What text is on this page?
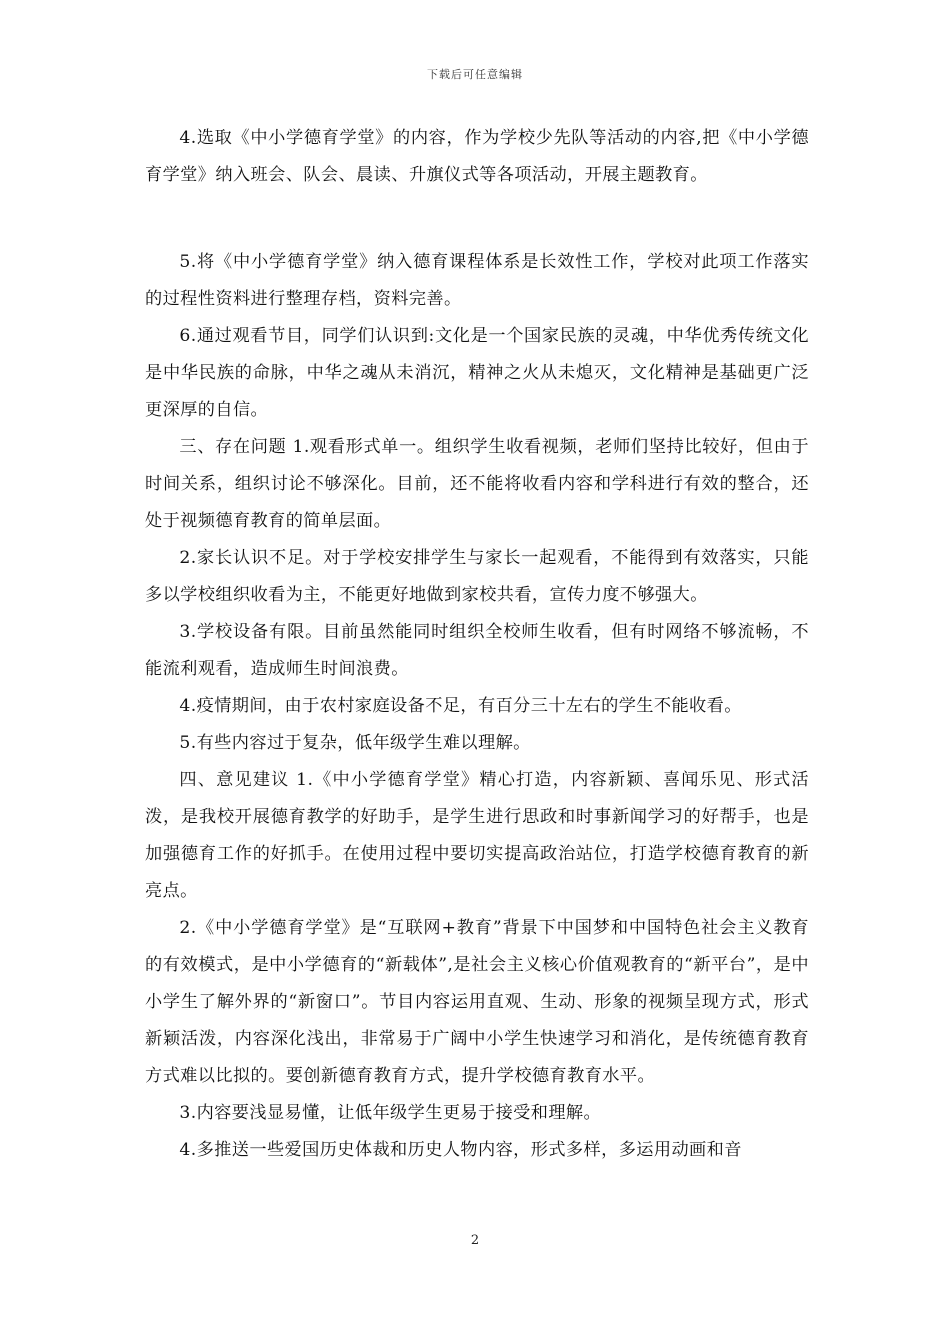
下载后可任意编辑

4.选取《中小学德育学堂》的内容，作为学校少先队等活动的内容,把《中小学德育学堂》纳入班会、队会、晨读、升旗仪式等各项活动，开展主题教育。

5.将《中小学德育学堂》纳入德育课程体系是长效性工作，学校对此项工作落实的过程性资料进行整理存档，资料完善。

6.通过观看节目，同学们认识到:文化是一个国家民族的灵魂，中华优秀传统文化是中华民族的命脉，中华之魂从未消沉，精神之火从未熄灭，文化精神是基础更广泛更深厚的自信。

三、存在问题 1.观看形式单一。组织学生收看视频，老师们坚持比较好，但由于时间关系，组织讨论不够深化。目前，还不能将收看内容和学科进行有效的整合，还处于视频德育教育的简单层面。

2.家长认识不足。对于学校安排学生与家长一起观看，不能得到有效落实，只能多以学校组织收看为主，不能更好地做到家校共看，宣传力度不够强大。

3.学校设备有限。目前虽然能同时组织全校师生收看，但有时网络不够流畅，不能流利观看，造成师生时间浪费。

4.疫情期间，由于农村家庭设备不足，有百分三十左右的学生不能收看。

5.有些内容过于复杂，低年级学生难以理解。

四、意见建议 1.《中小学德育学堂》精心打造，内容新颖、喜闻乐见、形式活泼，是我校开展德育教学的好助手，是学生进行思政和时事新闻学习的好帮手，也是加强德育工作的好抓手。在使用过程中要切实提高政治站位，打造学校德育教育的新亮点。

2.《中小学德育学堂》是“互联网+教育”背景下中国梦和中国特色社会主义教育的有效模式，是中小学德育的“新载体”,是社会主义核心价值观教育的“新平台”，是中小学生了解外界的“新窗口”。节目内容运用直观、生动、形象的视频呈现方式，形式新颖活泼，内容深化浅出，非常易于广阔中小学生快速学习和消化，是传统德育教育方式难以比拟的。要创新德育教育方式，提升学校德育教育水平。

3.内容要浅显易懂，让低年级学生更易于接受和理解。

4.多推送一些爱国历史体裁和历史人物内容，形式多样，多运用动画和音

2
